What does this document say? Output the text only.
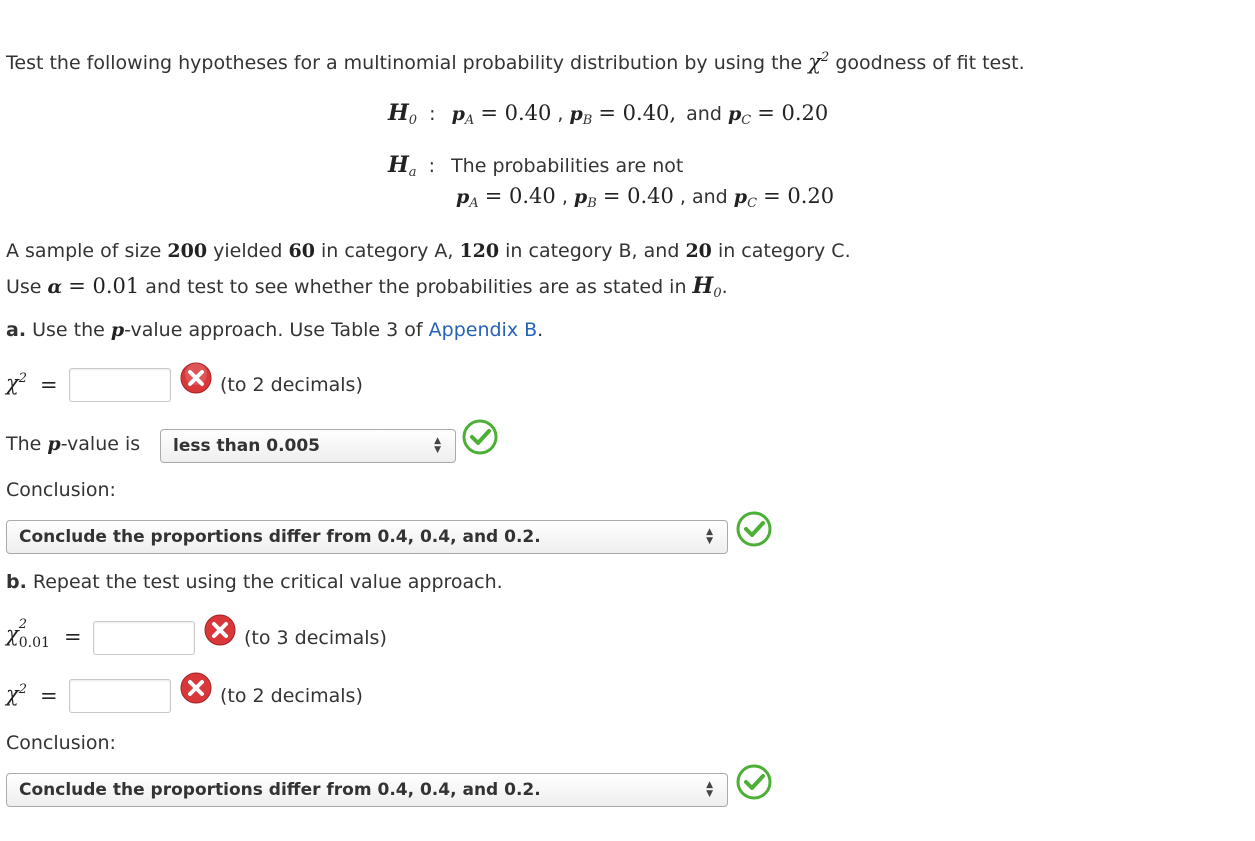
Test the following hypotheses for a multinomial probability distribution by using the $\chi^2$ goodness of fit test.
$H_0$ : $p_A = 0.40$ , $p_B = 0.40$, and $p_C = 0.20$
$H_a$ : The probabilities are not
$p_A = 0.40$ , $p_B = 0.40$ , and $p_C = 0.20$
A sample of size 200 yielded 60 in category A, 120 in category B, and 20 in category C.
Use α = 0.01 and test to see whether the probabilities are as stated in $H_0$.
a. Use the p-value approach. Use Table 3 of Appendix B.
$\chi^2$ =	(to 2 decimals)
The p-value is	less than 0.005	▲
▼
Conclusion:
Conclude the proportions differ from 0.4, 0.4, and 0.2.	▲
▼
b. Repeat the test using the critical value approach.
χ 2
0.01 =	(to 3 decimals)
$\chi^2$ =	(to 2 decimals)
Conclusion:
Conclude the proportions differ from 0.4, 0.4, and 0.2.	▲
▼
